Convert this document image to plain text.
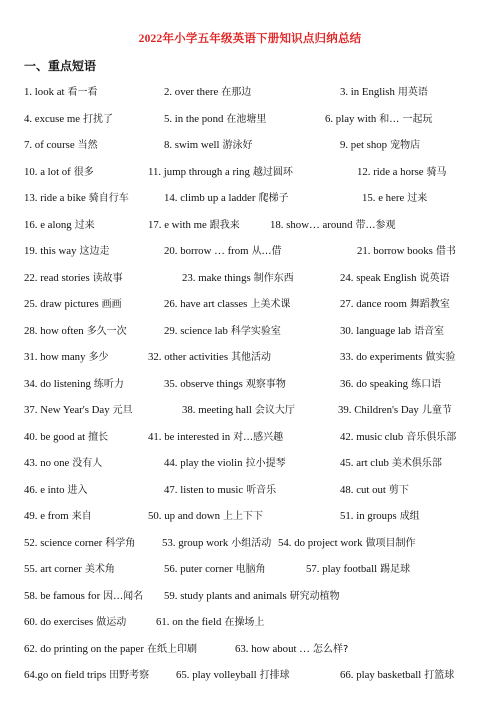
2022年小学五年级英语下册知识点归纳总结
一、重点短语
1. look at 看一看	2. over there 在那边	3. in English 用英语
4. excuse me 打扰了	5. in the pond 在池塘里	6. play with 和… 一起玩
7. of course 当然	8. swim well 游泳好	9. pet shop 宠物店
10. a lot of 很多	11. jump through a ring 越过圆环	12. ride a horse 骑马
13. ride a bike 骑自行车	14. climb up a ladder 爬梯子	15. e here 过来
16. e along 过来	17. e with me 跟我来	18. show… around 带…参观
19. this way 这边走	20. borrow … from 从…借	21. borrow books 借书
22. read stories 读故事	23. make things 制作东西	24. speak English 说英语
25. draw pictures 画画	26. have art classes 上美术课	27. dance room 舞蹈教室
28. how often 多久一次	29. science lab 科学实验室	30. language lab 语音室
31. how many 多少	32. other activities 其他活动	33. do experiments 做实验
34. do listening 练听力	35. observe things 观察事物	36. do speaking 练口语
37. New Year's Day 元旦	38. meeting hall 会议大厅	39. Children's Day 儿童节
40. be good at 擅长	41. be interested in 对…感兴趣	42. music club 音乐俱乐部
43. no one 没有人	44. play the violin 拉小提琴	45. art club 美术俱乐部
46. e into 进入	47. listen to music 听音乐	48. cut out 剪下
49. e from 来自	50. up and down 上上下下	51. in groups 成组
52. science corner 科学角 53. group work 小组活动 54. do project work 做项目制作
55. art corner 美术角	56. puter corner 电脑角	57. play football 踢足球
58. be famous for 因…闻名 59. study plants and animals 研究动植物
60. do exercises 做运动	61. on the field 在操场上
62. do printing on the paper 在纸上印刷	63. how about … 怎么样?
64.go on field trips 田野考察 65. play volleyball 打排球	66. play basketball 打篮球
